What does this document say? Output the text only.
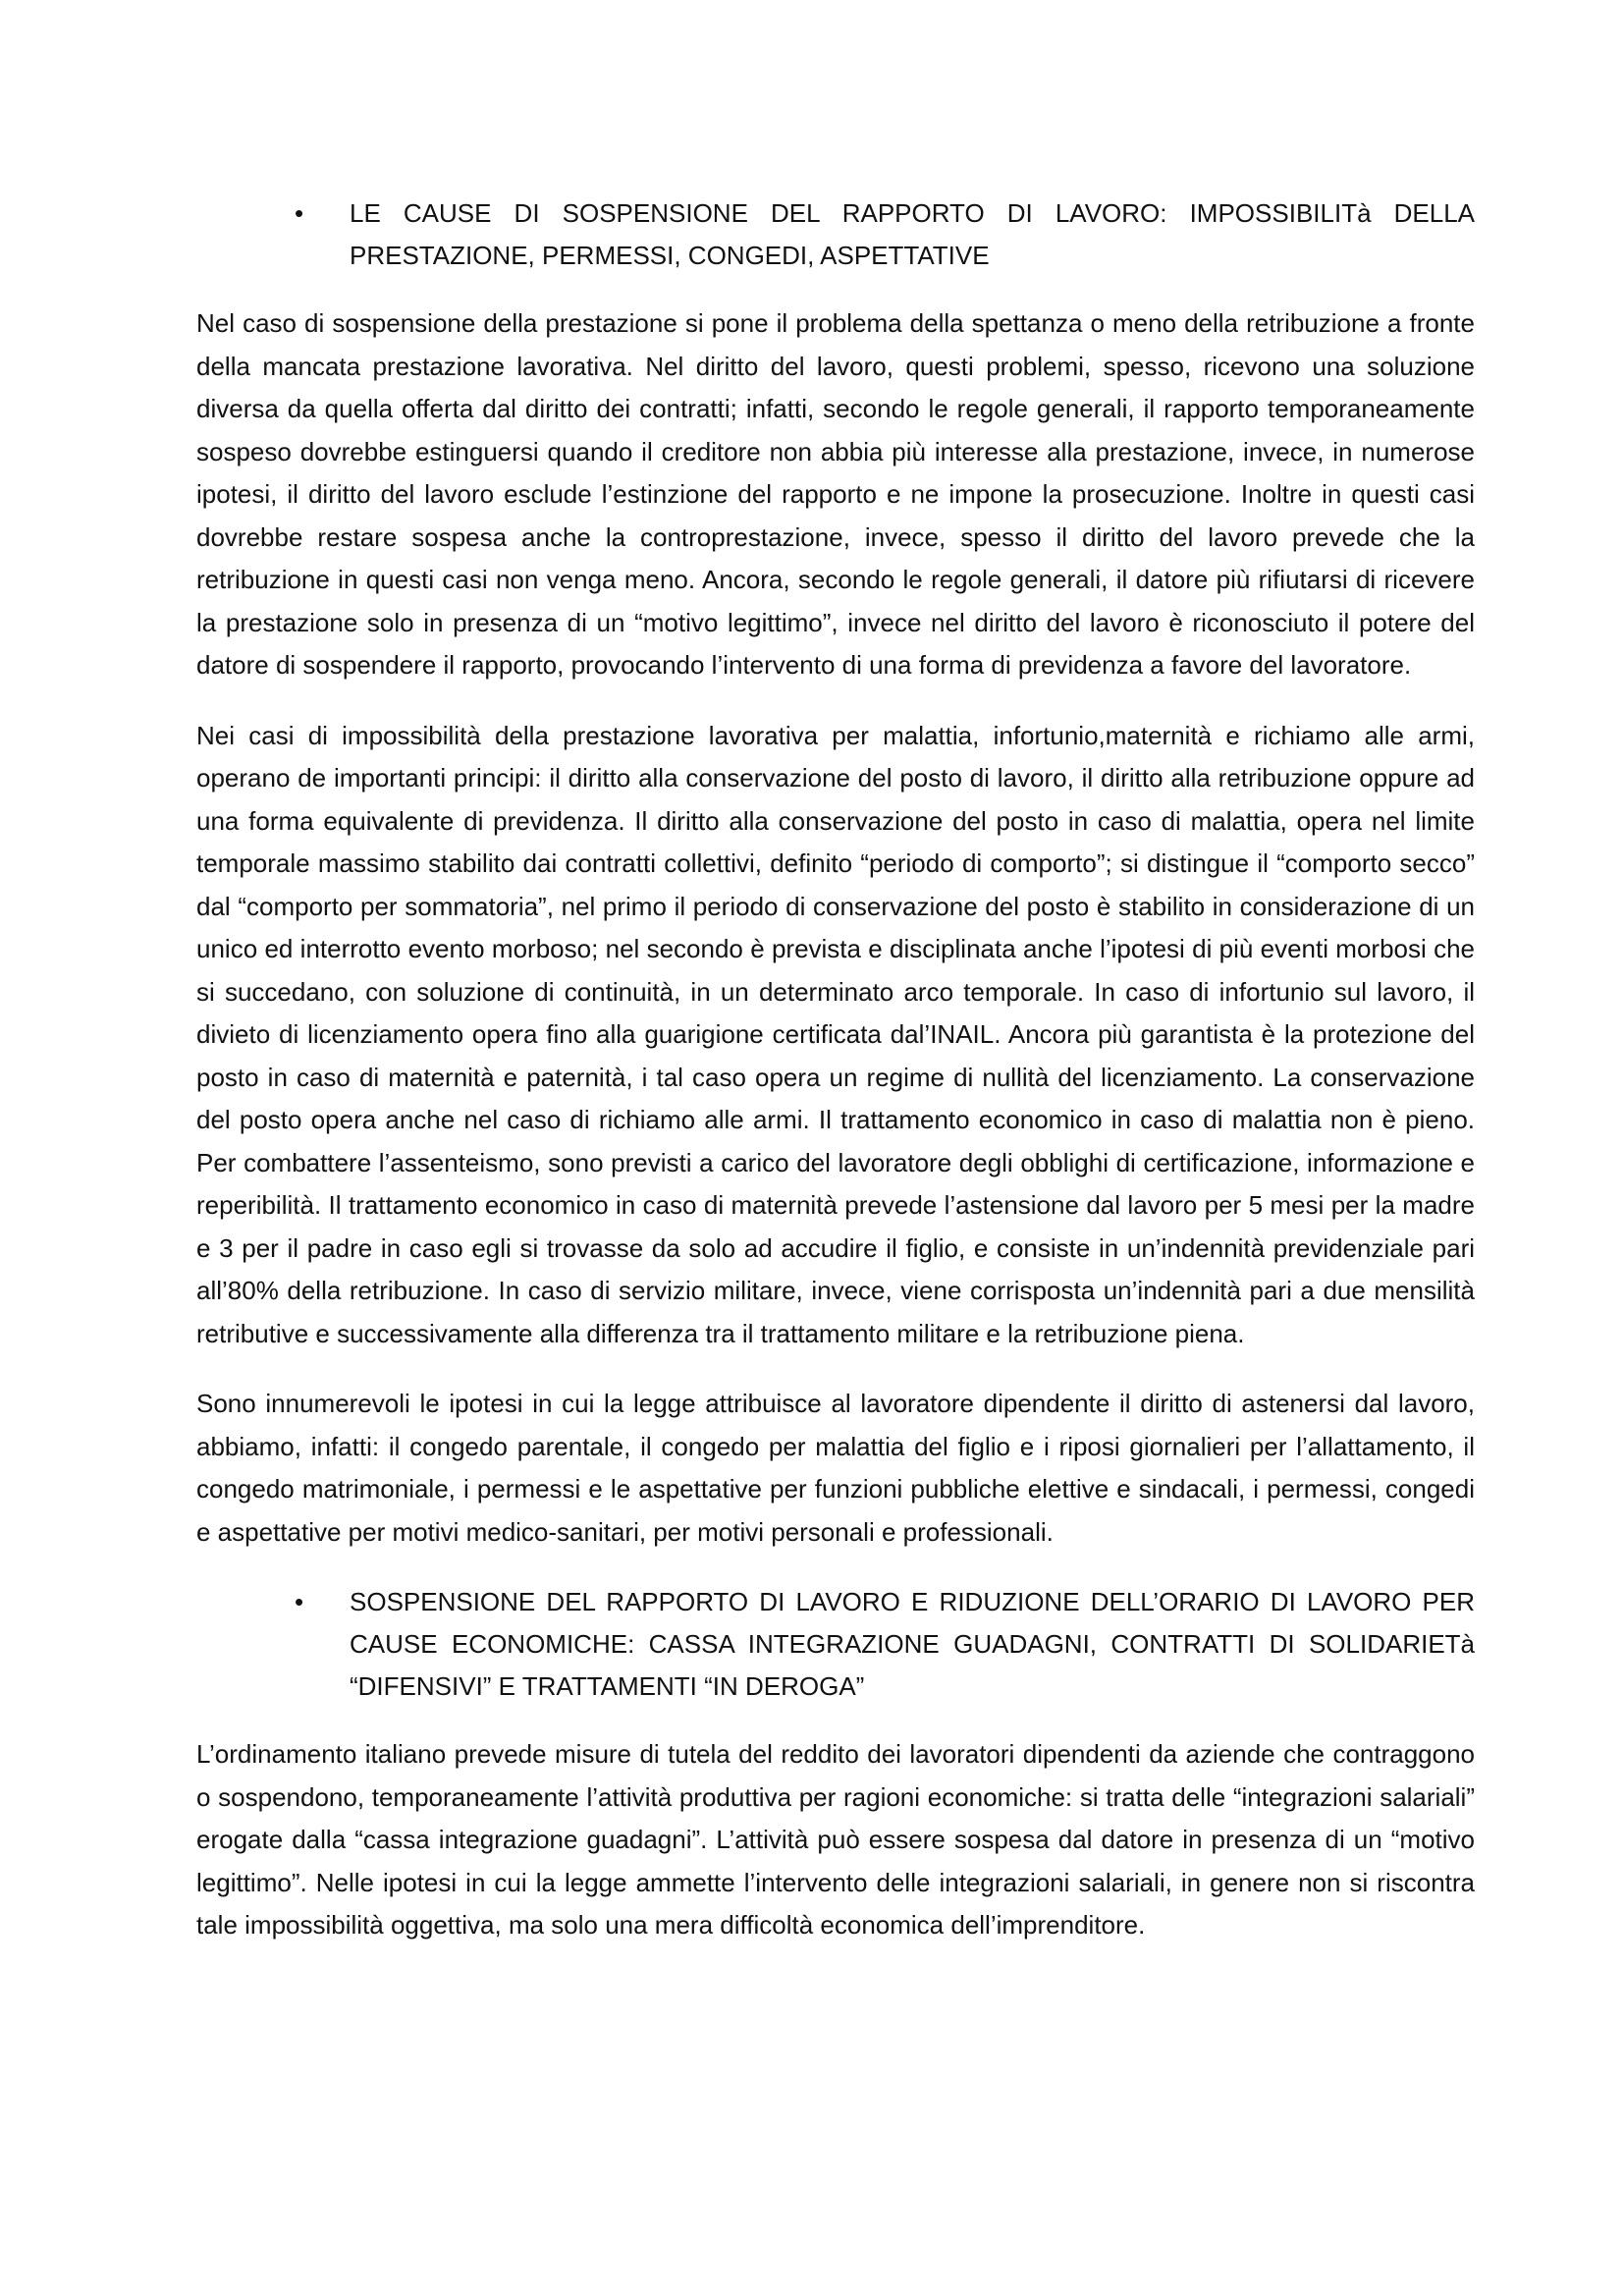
•	LE CAUSE DI SOSPENSIONE DEL RAPPORTO DI LAVORO: IMPOSSIBILITà DELLA PRESTAZIONE, PERMESSI, CONGEDI, ASPETTATIVE

Nel caso di sospensione della prestazione si pone il problema della spettanza o meno della retribuzione a fronte della mancata prestazione lavorativa. Nel diritto del lavoro, questi problemi, spesso, ricevono una soluzione diversa da quella offerta dal diritto dei contratti; infatti, secondo le regole generali, il rapporto temporaneamente sospeso dovrebbe estinguersi quando il creditore non abbia più interesse alla prestazione, invece, in numerose ipotesi, il diritto del lavoro esclude l’estinzione del rapporto e ne impone la prosecuzione. Inoltre in questi casi dovrebbe restare sospesa anche la controprestazione, invece, spesso il diritto del lavoro prevede che la retribuzione in questi casi non venga meno. Ancora, secondo le regole generali, il datore più rifiutarsi di ricevere la prestazione solo in presenza di un “motivo legittimo”, invece nel diritto del lavoro è riconosciuto il potere del datore di sospendere il rapporto, provocando l’intervento di una forma di previdenza a favore del lavoratore.

Nei casi di impossibilità della prestazione lavorativa per malattia, infortunio,maternità e richiamo alle armi, operano de importanti principi: il diritto alla conservazione del posto di lavoro, il diritto alla retribuzione oppure ad una forma equivalente di previdenza. Il diritto alla conservazione del posto in caso di malattia, opera nel limite temporale massimo stabilito dai contratti collettivi, definito “periodo di comporto”; si distingue il “comporto secco” dal “comporto per sommatoria”, nel primo il periodo di conservazione del posto è stabilito in considerazione di un unico ed interrotto evento morboso; nel secondo è prevista e disciplinata anche l’ipotesi di più eventi morbosi che si succedano, con soluzione di continuità, in un determinato arco temporale. In caso di infortunio sul lavoro, il divieto di licenziamento opera fino alla guarigione certificata dal’INAIL. Ancora più garantista è la protezione del posto in caso di maternità e paternità, i tal caso opera un regime di nullità del licenziamento. La conservazione del posto opera anche nel caso di richiamo alle armi. Il trattamento economico in caso di malattia non è pieno. Per combattere l’assenteismo, sono previsti a carico del lavoratore degli obblighi di certificazione, informazione e reperibilità. Il trattamento economico in caso di maternità prevede l’astensione dal lavoro per 5 mesi per la madre e 3 per il padre in caso egli si trovasse da solo ad accudire il figlio, e consiste in un’indennità previdenziale pari all’80% della retribuzione. In caso di servizio militare, invece, viene corrisposta un’indennità pari a due mensilità retributive e successivamente alla differenza tra il trattamento militare e la retribuzione piena.

Sono innumerevoli le ipotesi in cui la legge attribuisce al lavoratore dipendente il diritto di astenersi dal lavoro, abbiamo, infatti: il congedo parentale, il congedo per malattia del figlio e i riposi giornalieri per l’allattamento, il congedo matrimoniale, i permessi e le aspettative per funzioni pubbliche elettive e sindacali, i permessi, congedi e aspettative per motivi medico-sanitari, per motivi personali e professionali.

•	SOSPENSIONE DEL RAPPORTO DI LAVORO E RIDUZIONE DELL’ORARIO DI LAVORO PER CAUSE ECONOMICHE: CASSA INTEGRAZIONE GUADAGNI, CONTRATTI DI SOLIDARIETà “DIFENSIVI” E TRATTAMENTI “IN DEROGA”

L’ordinamento italiano prevede misure di tutela del reddito dei lavoratori dipendenti da aziende che contraggono o sospendono, temporaneamente l’attività produttiva per ragioni economiche: si tratta delle “integrazioni salariali” erogate dalla “cassa integrazione guadagni”. L’attività può essere sospesa dal datore in presenza di un “motivo legittimo”. Nelle ipotesi in cui la legge ammette l’intervento delle integrazioni salariali, in genere non si riscontra tale impossibilità oggettiva, ma solo una mera difficoltà economica dell’imprenditore.
